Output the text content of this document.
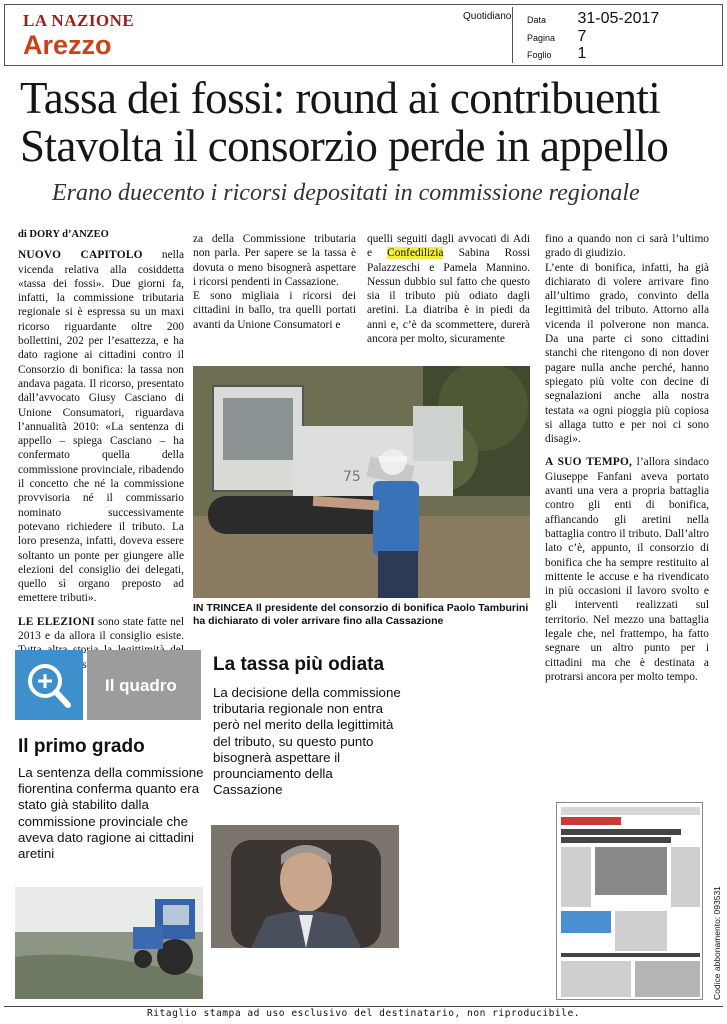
LA NAZIONE
Arezzo
Quotidiano Data 31-05-2017
Pagina 7
Foglio 1
Tassa dei fossi: round ai contribuenti
Stavolta il consorzio perde in appello
Erano duecento i ricorsi depositati in commissione regionale
di DORY d’ANZEO

NUOVO CAPITOLO nella vicenda relativa alla cosiddetta «tassa dei fossi». Due giorni fa, infatti, la commissione tributaria regionale si è espressa su un maxi ricorso riguardante oltre 200 bollettini, 202 per l’esattezza, e ha dato ragione ai cittadini contro il Consorzio di bonifica: la tassa non andava pagata. Il ricorso, presentato dall’avvocato Giusy Casciano di Unione Consumatori, riguardava l’annualità 2010: «La sentenza di appello – spiega Casciano – ha confermato quella della commissione provinciale, ribadendo il concetto che né la commissione provvisoria né il commissario nominato successivamente potevano richiedere il tributo. La loro presenza, infatti, doveva essere soltanto un ponte per giungere alle elezioni del consiglio dei delegati, quello sì organo preposto ad emettere tributi».

LE ELEZIONI sono state fatte nel 2013 e da allora il consiglio esiste. storia

za della Commissione tributaria non parla. Per sapere se la tassa è dovuta o meno bisognerà aspettare i ricorsi pendenti in Cassazione.

E sono migliaia i ricorsi dei cittadini in ballo, tra quelli portati avanti da Unione Consumatori e

quelli seguiti dagli avvocati di Adi e Confedilizia Sabina Rossi Palazzeschi e Pamela Mannino. Nessun dubbio sul fatto che questo sia il tributo più odiato dagli aretini. La diatriba è in piedi da anni e, c’è da scommettere, durerà ancora per molto, sicuramente

fino a quando non ci sarà l’ultimo grado di giudizio.

L’ente di bonifica, infatti, ha già dichiarato di volere arrivare fino all’ultimo grado, convinto della legittimità del tributo. Attorno alla vicenda il polverone non manca. Da una parte ci sono cittadini stanchi che ritengono di non dover pagare nulla anche perché, hanno spiegato più volte con decine di segnalazioni anche alla nostra testata «a ogni pioggia più copiosa si allaga tutto e per noi ci sono disagi».

A SUO TEMPO, l’allora sindaco Giuseppe Fanfani aveva portato avanti una vera a propria battaglia contro gli enti di bonifica, affiancando gli aretini nella battaglia contro il tributo. Dall’altro lato c’è, appunto, il consorzio di bonifica che ha sempre restituito al mittente le accuse e ha rivendicato in più occasioni il lavoro svolto e gli interventi realizzati sul territorio. Nel mezzo una battaglia legale che, nel frattempo, ha fatto segnare un altro punto per i cittadini ma che è destinata a protrarsi ancora per molto tempo.

75
IN TRINCEA Il presidente del consorzio di bonifica Paolo Tamburini ha dichiarato di voler arrivare fino alla Cassazione
Il quadro
Il primo grado
La sentenza della commissione fiorentina conferma quanto era stato già stabilito dalla commissione provinciale che aveva dato ragione ai cittadini aretini
La tassa più odiata
La decisione della commissione tributaria regionale non entra però nel merito della legittimità del tributo, su questo punto bisognerà aspettare il prounciamento della Cassazione
Ritaglio stampa ad uso esclusivo del destinatario, non riproducibile.
Codice abbonamento: 093531
